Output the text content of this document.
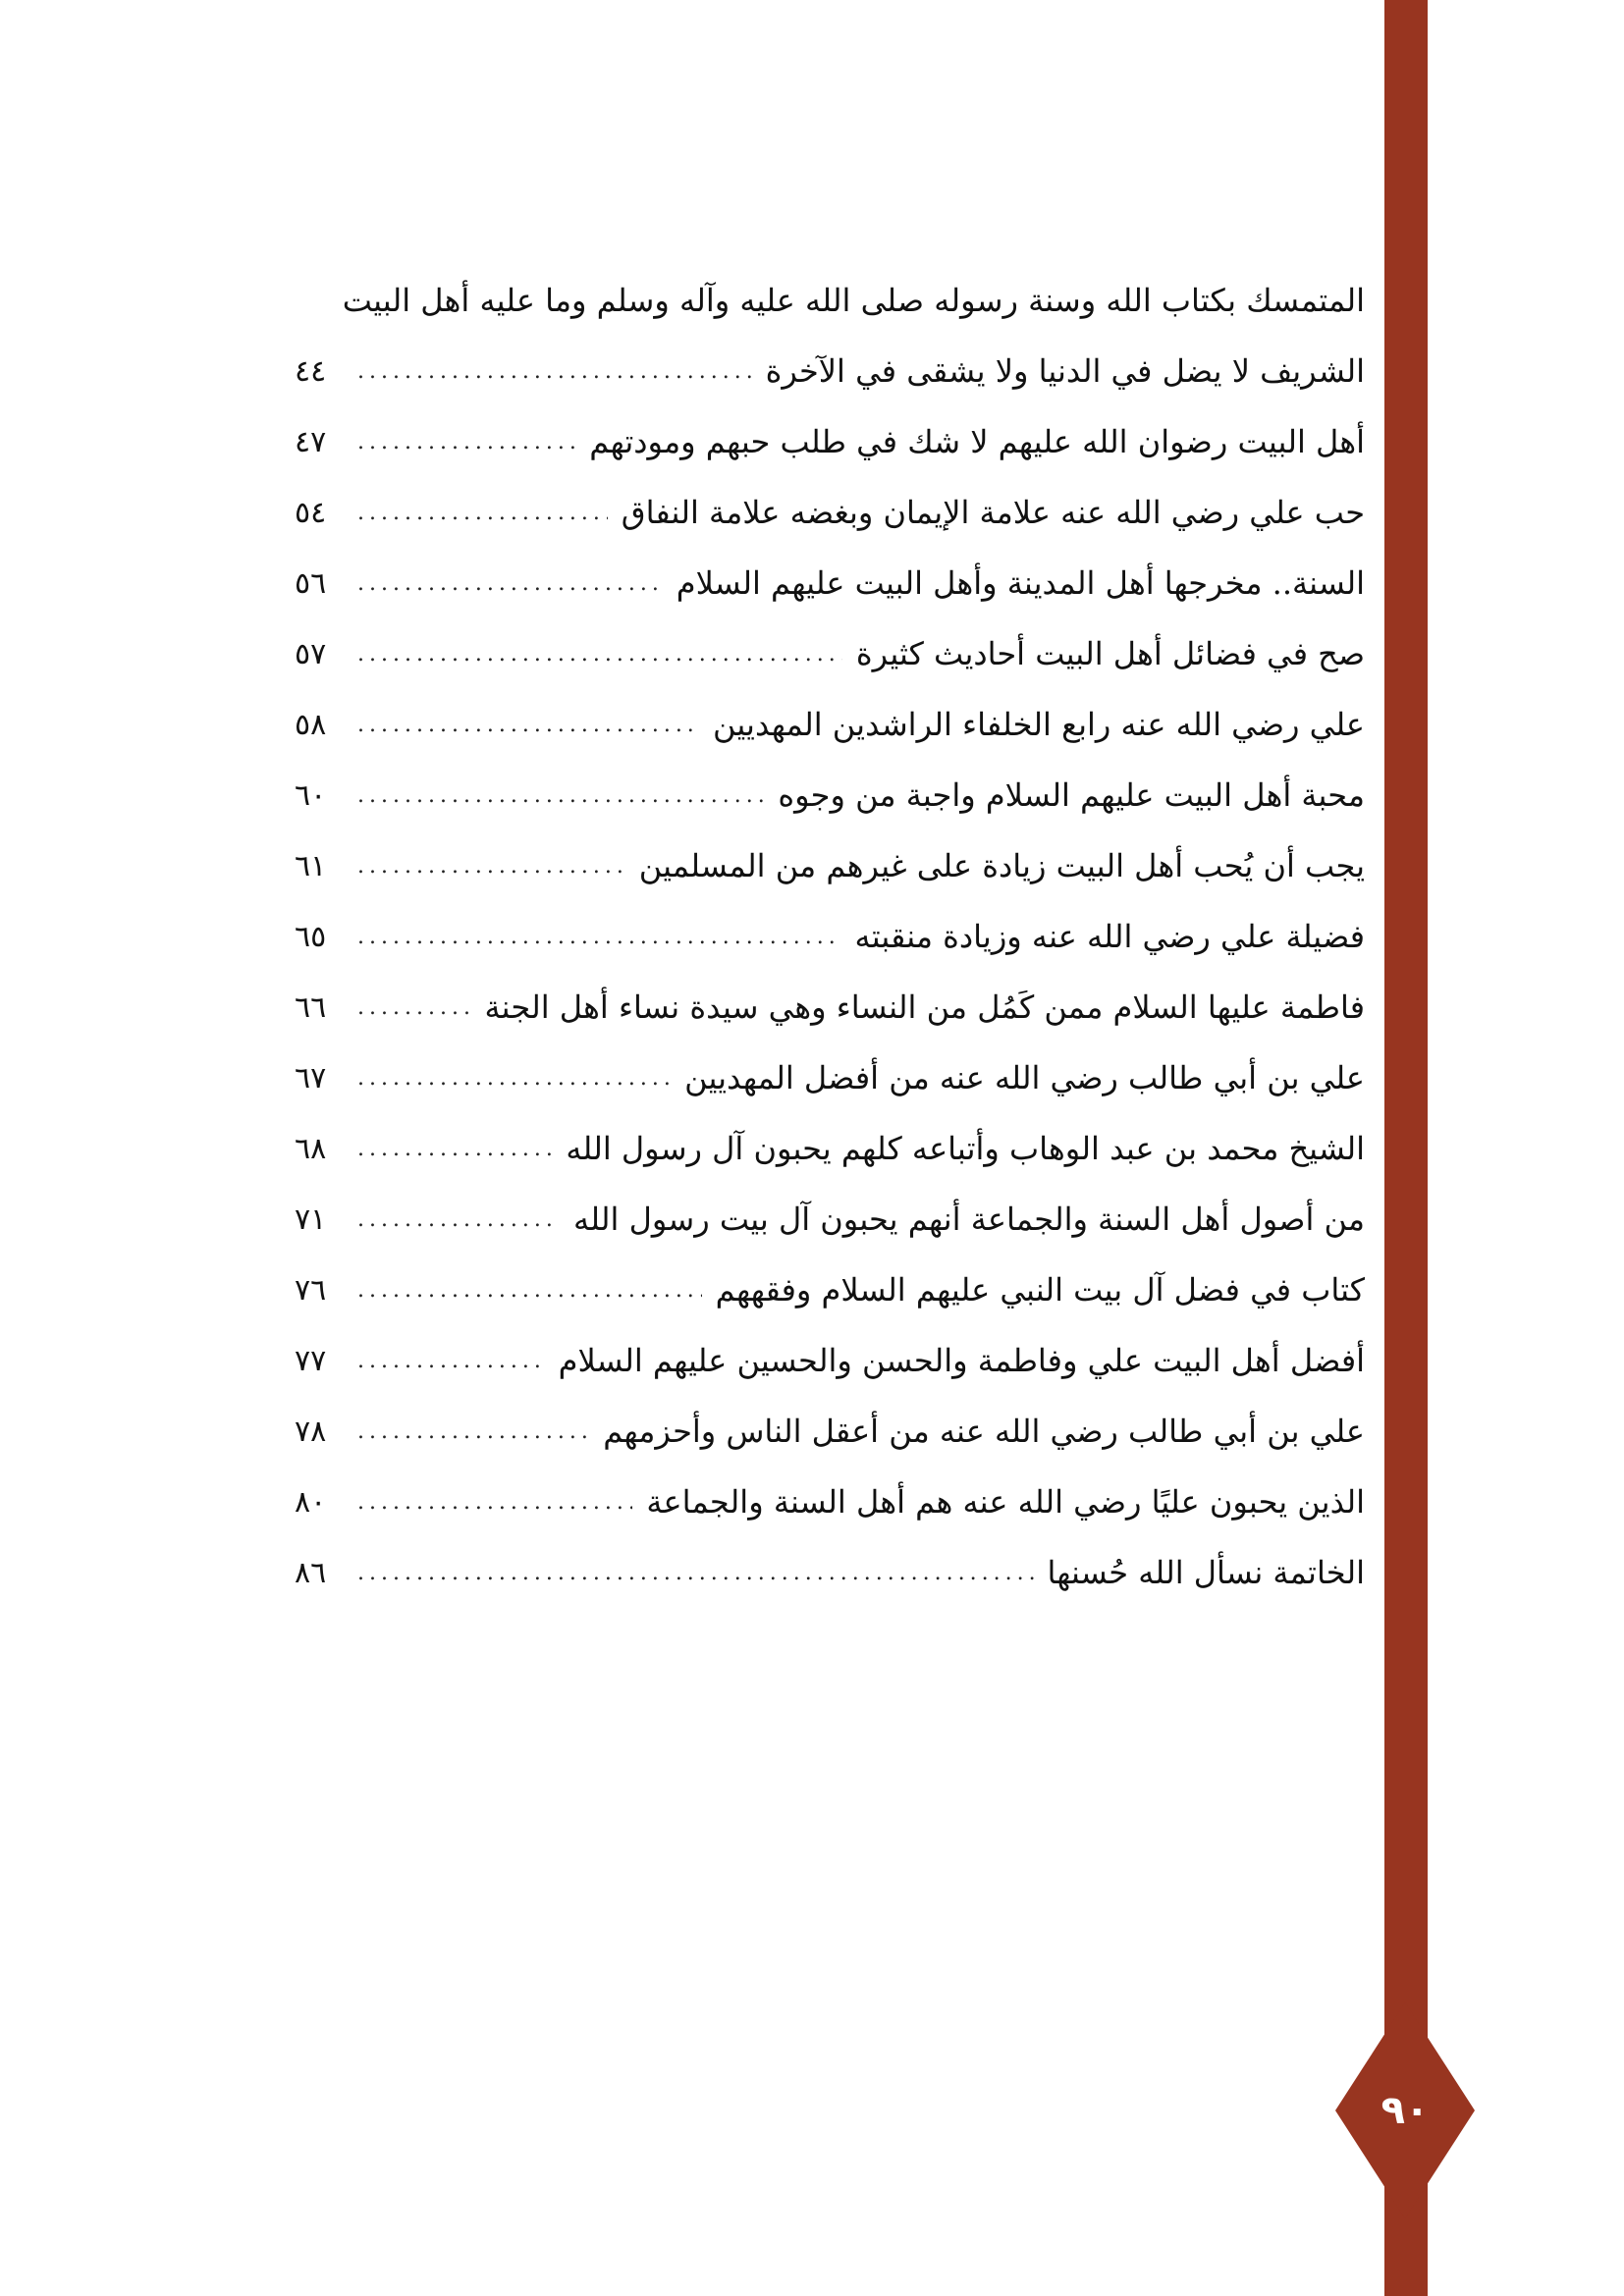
٩٠
المتمسك بكتاب الله وسنة رسوله صلى الله عليه وآله وسلم وما عليه أهل البيت
الشريف لا يضل في الدنيا ولا يشقى في الآخرة
.....
٤٤
أهل البيت رضوان الله عليهم لا شك في طلب حبهم ومودتهم
.....
٤٧
حب علي رضي الله عنه علامة الإيمان وبغضه علامة النفاق
.....
٥٤
السنة.. مخرجها أهل المدينة وأهل البيت عليهم السلام
.....
٥٦
صح في فضائل أهل البيت أحاديث كثيرة
.....
٥٧
علي رضي الله عنه رابع الخلفاء الراشدين المهديين
.....
٥٨
محبة أهل البيت عليهم السلام واجبة من وجوه
.....
٦٠
يجب أن يُحب أهل البيت زيادة على غيرهم من المسلمين
.....
٦١
فضيلة علي رضي الله عنه وزيادة منقبته
.....
٦٥
فاطمة عليها السلام ممن كَمُل من النساء وهي سيدة نساء أهل الجنة
.....
٦٦
علي بن أبي طالب رضي الله عنه من أفضل المهديين
.....
٦٧
الشيخ محمد بن عبد الوهاب وأتباعه كلهم يحبون آل رسول الله
.....
٦٨
من أصول أهل السنة والجماعة أنهم يحبون آل بيت رسول الله
.....
٧١
كتاب في فضل آل بيت النبي عليهم السلام وفقههم
.....
٧٦
أفضل أهل البيت علي وفاطمة والحسن والحسين عليهم السلام
.....
٧٧
علي بن أبي طالب رضي الله عنه من أعقل الناس وأحزمهم
.....
٧٨
الذين يحبون عليًا رضي الله عنه هم أهل السنة والجماعة
.....
٨٠
الخاتمة نسأل الله حُسنها
.....
٨٦
